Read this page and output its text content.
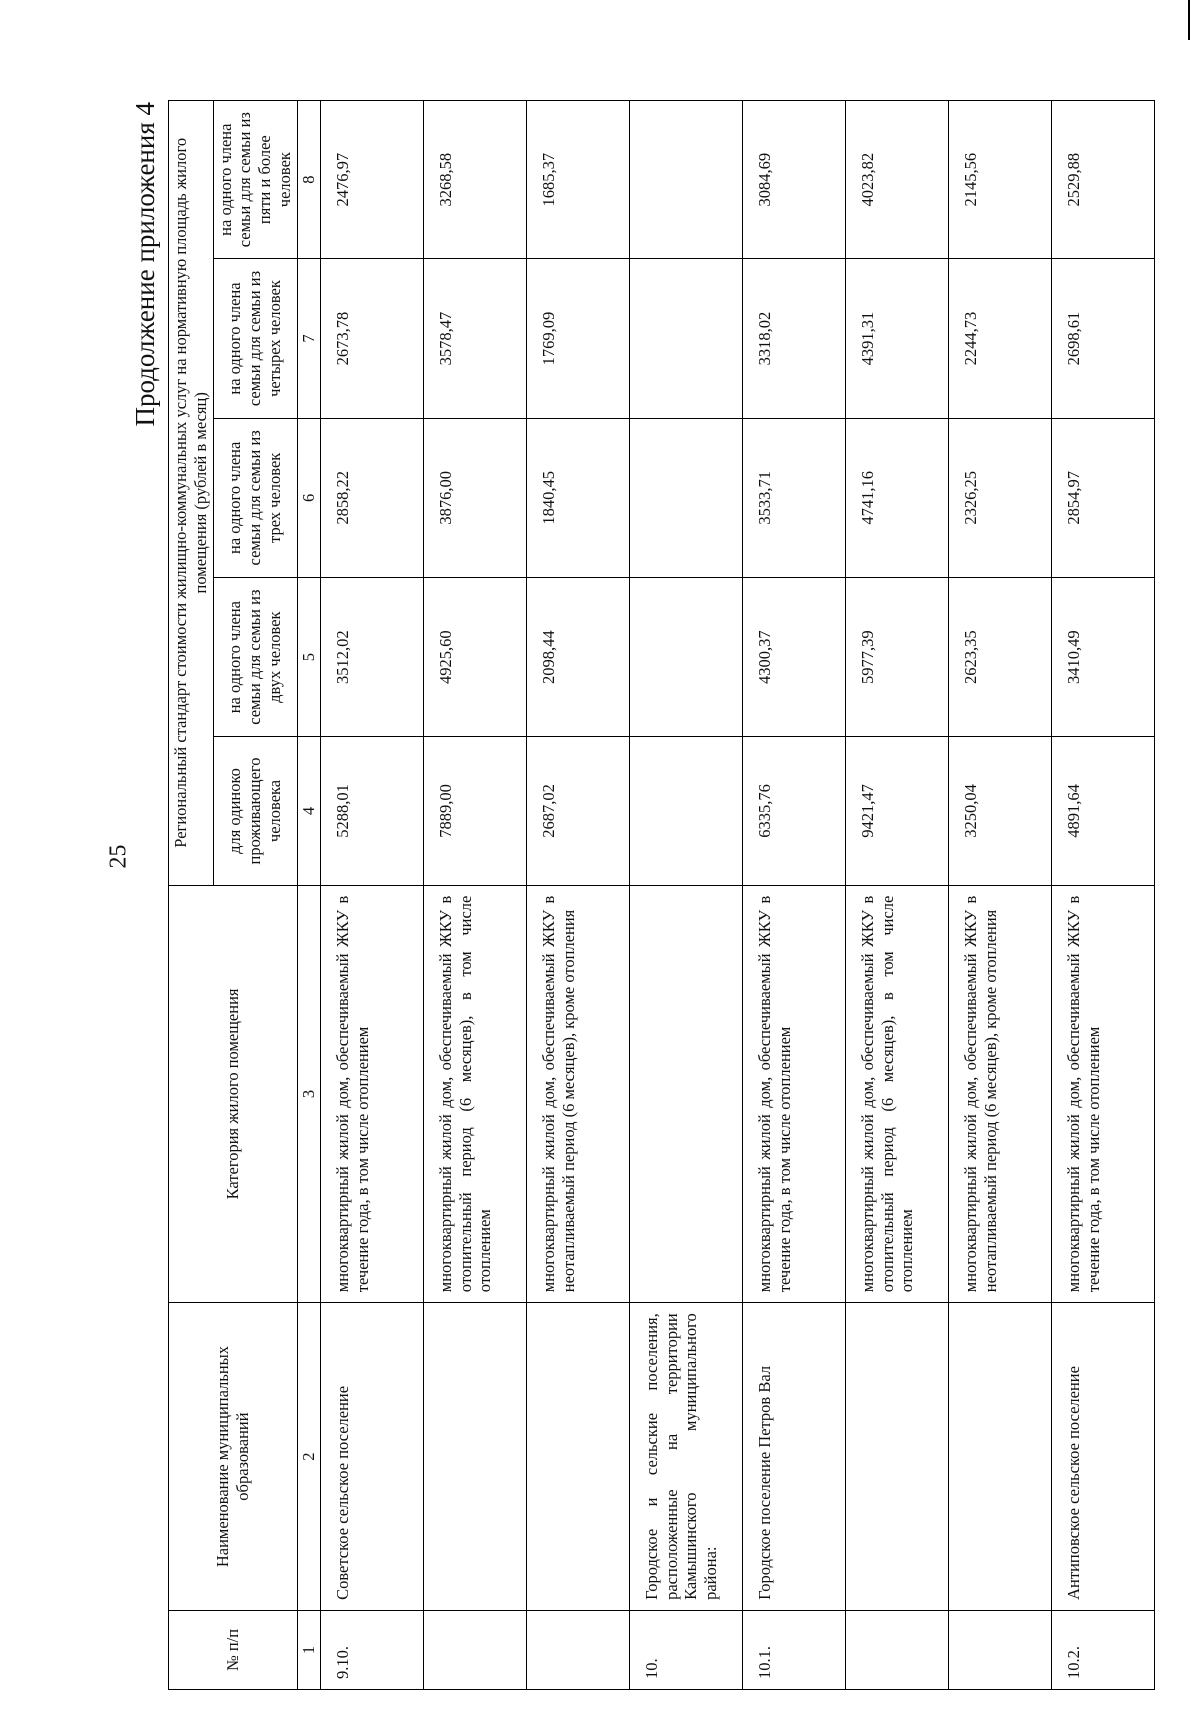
25
Продолжение приложения 4
№ п/п	Наименование муниципальных образований	Категория жилого помещения	Региональный стандарт стоимости жилищно-коммунальных услуг на нормативную площадь жилого помещения (рублей в месяц)				
			для одиноко проживающего человека	на одного члена семьи для семьи из двух человек	на одного члена семьи для семьи из трех человек	на одного члена семьи для семьи из четырех человек	на одного члена семьи для семьи из пяти и более человек
1	2	3	4	5	6	7	8
9.10.	Советское сельское поселение	многоквартирный жилой дом, обеспечиваемый ЖКУ в течение года, в том числе отоплением	5288,01	3512,02	2858,22	2673,78	2476,97
		многоквартирный жилой дом, обеспечиваемый ЖКУ в отопительный период (6 месяцев), в том числе отоплением	7889,00	4925,60	3876,00	3578,47	3268,58
		многоквартирный жилой дом, обеспечиваемый ЖКУ в неотапливаемый период (6 месяцев), кроме отопления	2687,02	2098,44	1840,45	1769,09	1685,37
10.	Городское и сельские поселения, расположенные на территории Камышинского муниципального района:						
10.1.	Городское поселение Петров Вал	многоквартирный жилой дом, обеспечиваемый ЖКУ в течение года, в том числе отоплением	6335,76	4300,37	3533,71	3318,02	3084,69
		многоквартирный жилой дом, обеспечиваемый ЖКУ в отопительный период (6 месяцев), в том числе отоплением	9421,47	5977,39	4741,16	4391,31	4023,82
		многоквартирный жилой дом, обеспечиваемый ЖКУ в неотапливаемый период (6 месяцев), кроме отопления	3250,04	2623,35	2326,25	2244,73	2145,56
10.2.	Антиповское сельское поселение	многоквартирный жилой дом, обеспечиваемый ЖКУ в течение года, в том числе отоплением	4891,64	3410,49	2854,97	2698,61	2529,88
